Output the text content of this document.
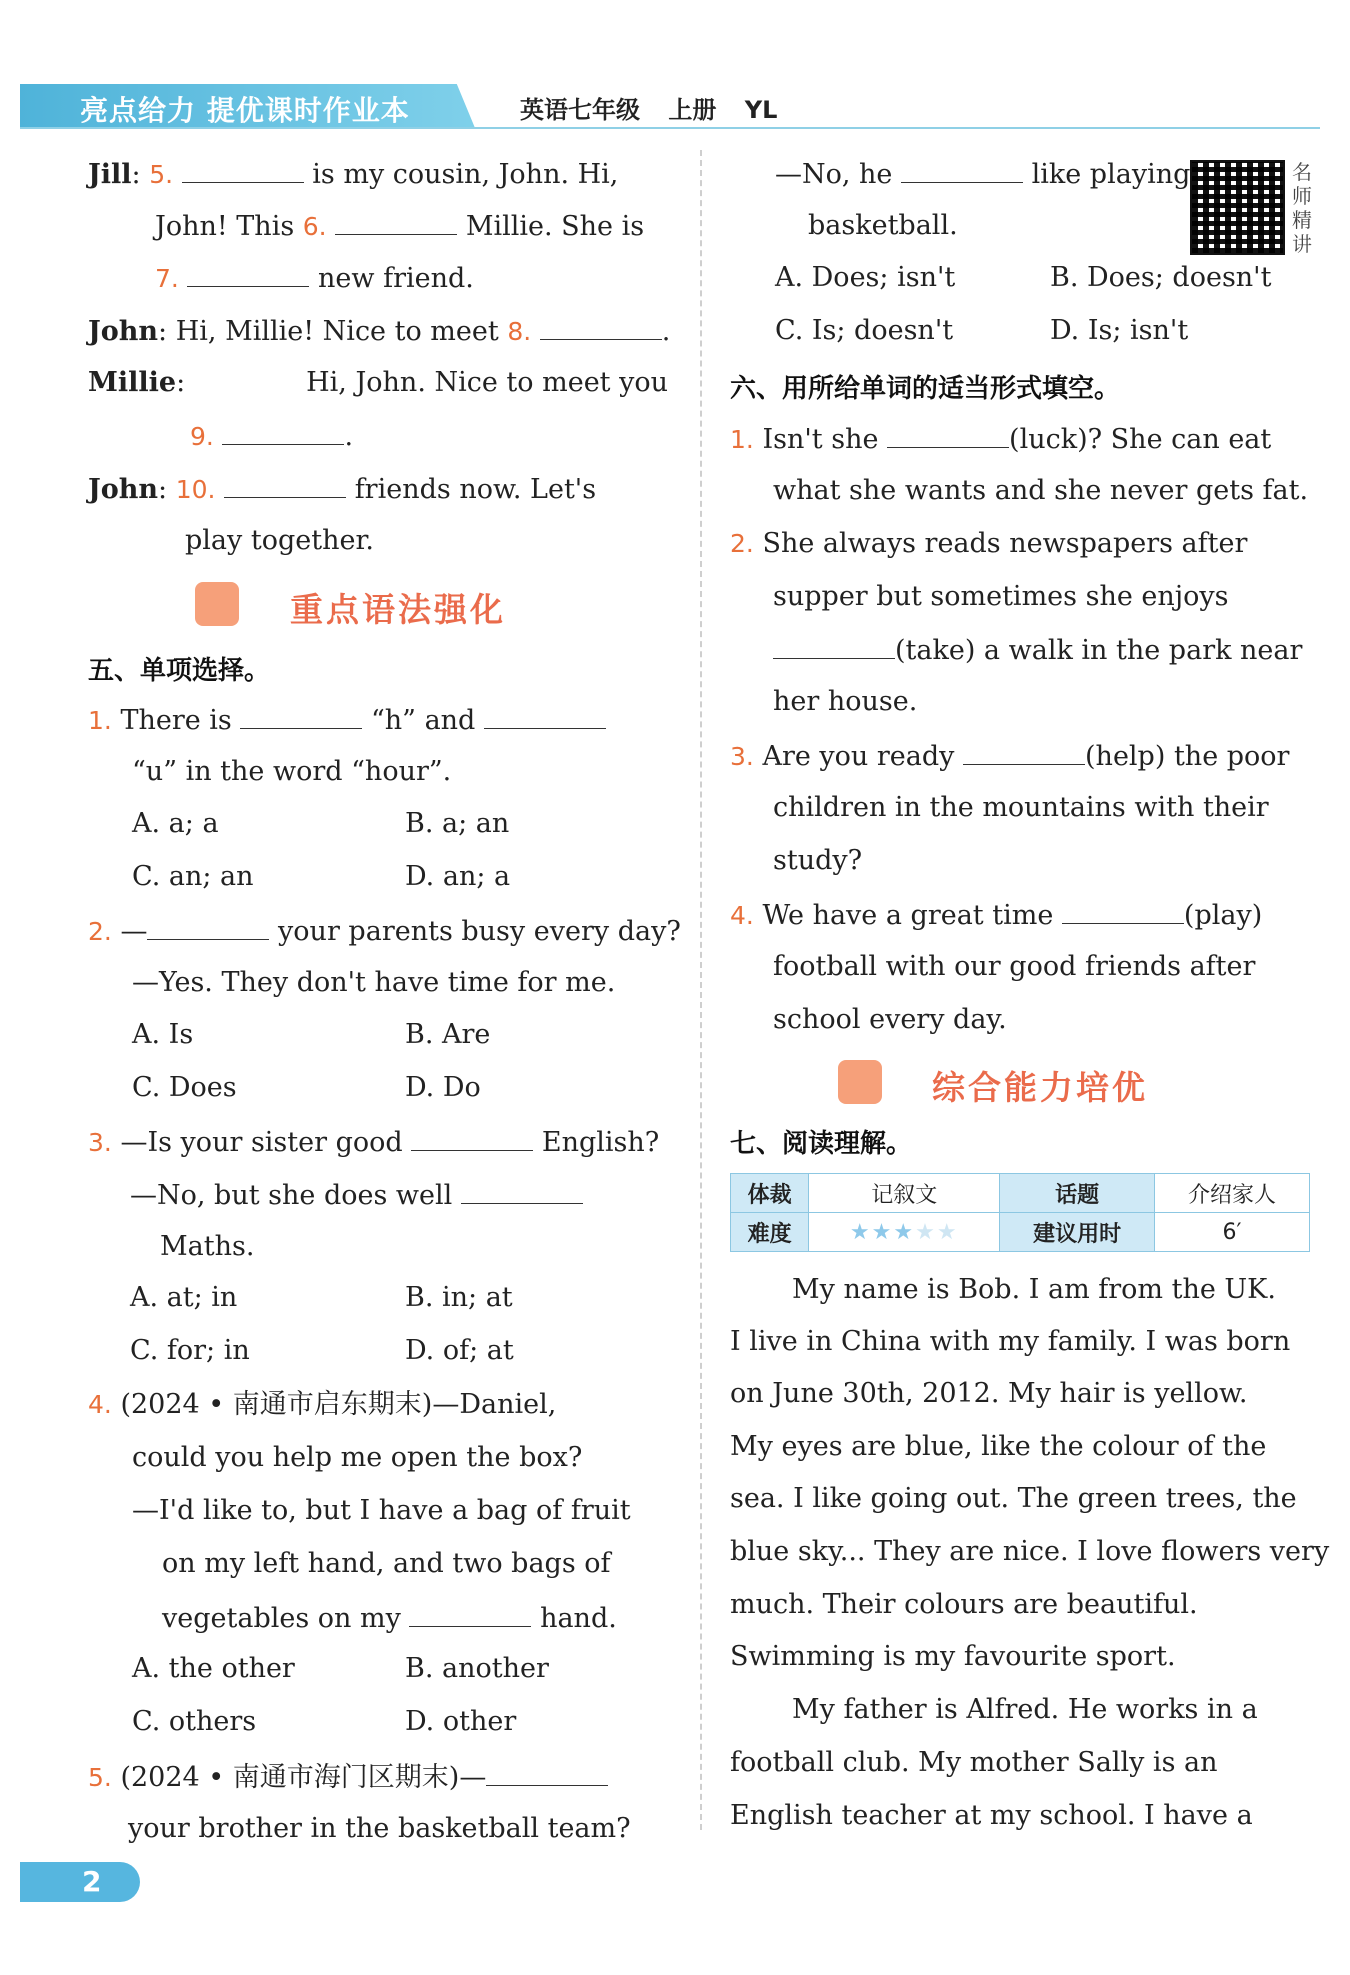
亮点给力 提优课时作业本	英语七年级 上册 YL
Jill: 5.	is my cousin, John. Hi,
John! This 6.	Millie. She is
7.	new friend.
John: Hi, Millie! Nice to meet 8.	.
Millie:	Hi, John. Nice to meet you
9.	.
John: 10.	friends now. Let's
play together.
重点语法强化
五、单项选择。
1. There is	“h” and
“u” in the word “hour”.
A. a; a	B. a; an
C. an; an	D. an; a
2. —	your parents busy every day?
—Yes. They don't have time for me.
A. Is	B. Are
C. Does	D. Do
3. —Is your sister good	English?
—No, but she does well
Maths.
A. at; in	B. in; at
C. for; in	D. of; at
4. (2024 • 南通市启东期末)—Daniel,
could you help me open the box?
—I'd like to, but I have a bag of fruit
on my left hand, and two bags of
vegetables on my	hand.
A. the other	B. another
C. others	D. other
5. (2024 • 南通市海门区期末)—
your brother in the basketball team?
—No, he	like playing
basketball.
名师精讲
A. Does; isn't	B. Does; doesn't
C. Is; doesn't	D. Is; isn't
六、用所给单词的适当形式填空。
1. Isn't she	(luck)? She can eat
what she wants and she never gets fat.
2. She always reads newspapers after
supper but sometimes she enjoys
(take) a walk in the park near
her house.
3. Are you ready	(help) the poor
children in the mountains with their
study?
4. We have a great time	(play)
football with our good friends after
school every day.
综合能力培优
七、阅读理解。
体裁	记叙文	话题	介绍家人
难度	★★★★★	建议用时	6′
My name is Bob. I am from the UK.
I live in China with my family. I was born
on June 30th, 2012. My hair is yellow.
My eyes are blue, like the colour of the
sea. I like going out. The green trees, the
blue sky... They are nice. I love flowers very
much. Their colours are beautiful.
Swimming is my favourite sport.
My father is Alfred. He works in a
football club. My mother Sally is an
English teacher at my school. I have a
2
